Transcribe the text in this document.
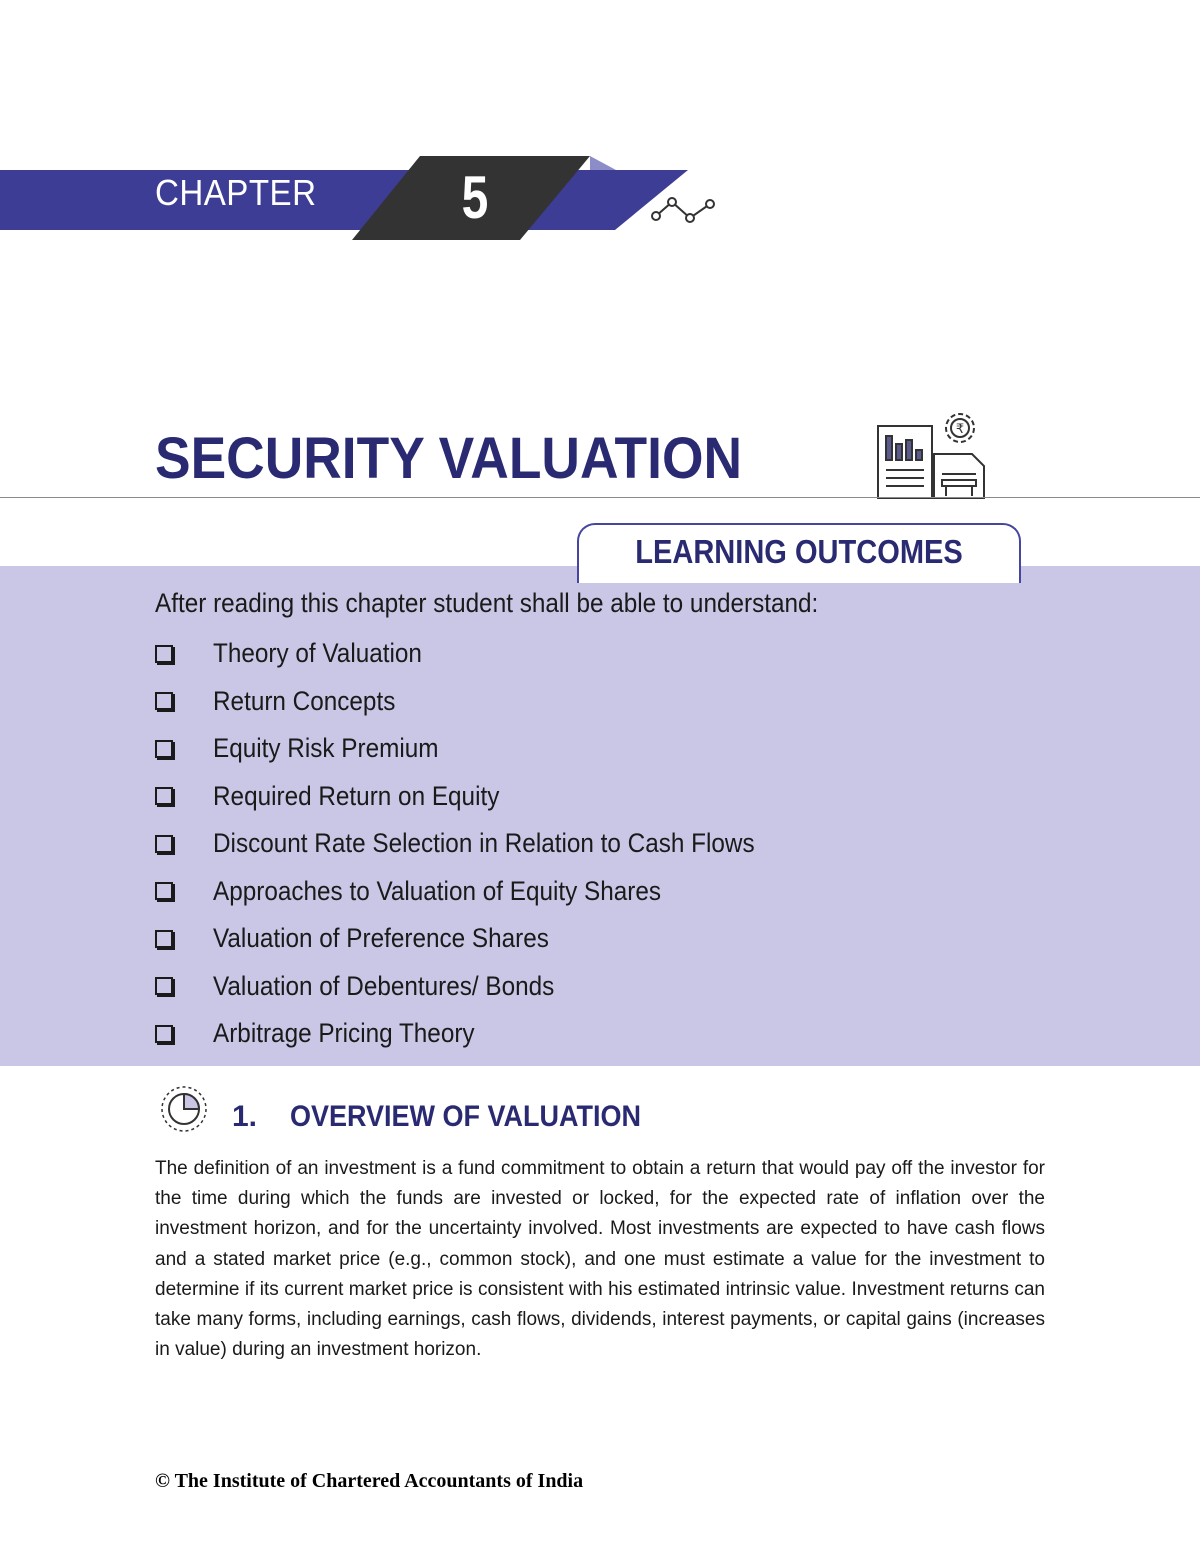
CHAPTER 5
SECURITY VALUATION	₹
LEARNING OUTCOMES
After reading this chapter student shall be able to understand:
Theory of Valuation
Return Concepts
Equity Risk Premium
Required Return on Equity
Discount Rate Selection in Relation to Cash Flows
Approaches to Valuation of Equity Shares
Valuation of Preference Shares
Valuation of Debentures/ Bonds
Arbitrage Pricing Theory
1. OVERVIEW OF VALUATION

The definition of an investment is a fund commitment to obtain a return that would pay off the investor for the time during which the funds are invested or locked, for the expected rate of inflation over the investment horizon, and for the uncertainty involved. Most investments are expected to have cash flows and a stated market price (e.g., common stock), and one must estimate a value for the investment to determine if its current market price is consistent with his estimated intrinsic value. Investment returns can take many forms, including earnings, cash flows, dividends, interest payments, or capital gains (increases in value) during an investment horizon.

© The Institute of Chartered Accountants of India
